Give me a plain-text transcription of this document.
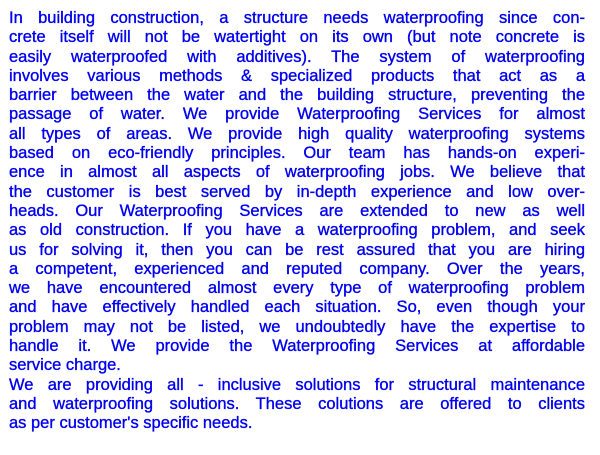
In building construction, a structure needs waterproofing since con-
crete itself will not be watertight on its own (but note concrete is
easily waterproofed with additives). The system of waterproofing
involves various methods & specialized products that act as a
barrier between the water and the building structure, preventing the
passage of water. We provide Waterproofing Services for almost
all types of areas. We provide high quality waterproofing systems
based on eco-friendly principles. Our team has hands-on experi-
ence in almost all aspects of waterproofing jobs. We believe that
the customer is best served by in-depth experience and low over-
heads. Our Waterproofing Services are extended to new as well
as old construction. If you have a waterproofing problem, and seek
us for solving it, then you can be rest assured that you are hiring
a competent, experienced and reputed company. Over the years,
we have encountered almost every type of waterproofing problem
and have effectively handled each situation. So, even though your
problem may not be listed, we undoubtedly have the expertise to
handle it. We provide the Waterproofing Services at affordable
service charge.
We are providing all - inclusive solutions for structural maintenance
and waterproofing solutions. These colutions are offered to clients
as per customer's specific needs.
